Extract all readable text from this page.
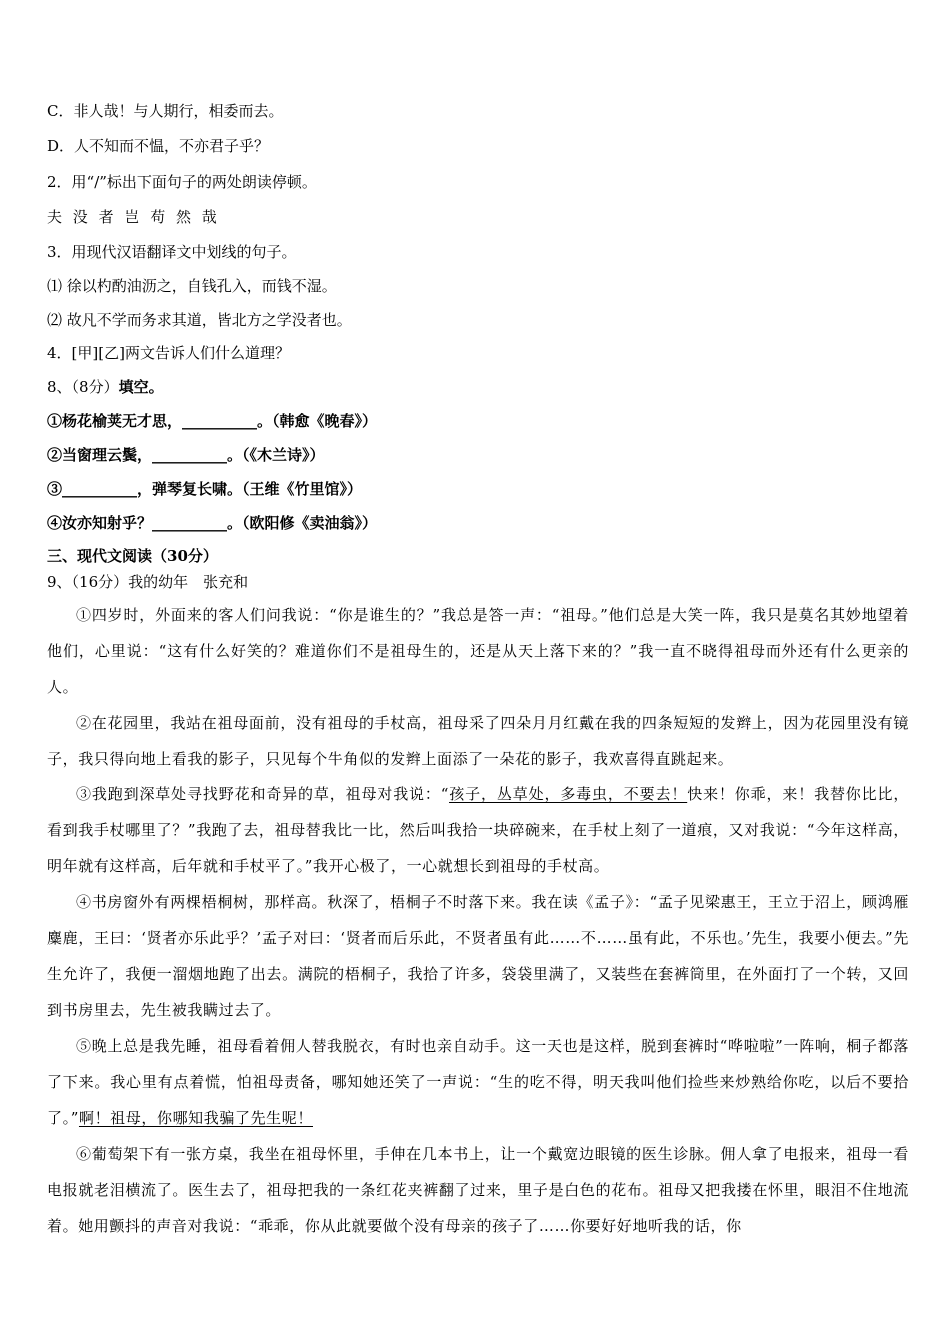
C．非人哉！与人期行，相委而去。
D．人不知而不愠，不亦君子乎？
2．用“/”标出下面句子的两处朗读停顿。
夫 没 者 岂 苟 然 哉
3．用现代汉语翻译文中划线的句子。
⑴ 徐以杓酌油沥之，自钱孔入，而钱不湿。
⑵ 故凡不学而务求其道，皆北方之学没者也。
4．[甲][乙]两文告诉人们什么道理？
8、（8分）填空。
①杨花榆荚无才思，__________。（韩愈《晚春》）
②当窗理云鬓，__________。（《木兰诗》）
③__________，弹琴复长啸。（王维《竹里馆》）
④汝亦知射乎？__________。（欧阳修《卖油翁》）
三、现代文阅读（30分）
9、（16分）我的幼年　张充和
①四岁时，外面来的客人们问我说：“你是谁生的？”我总是答一声：“祖母。”他们总是大笑一阵，我只是莫名其妙地望着他们，心里说：“这有什么好笑的？难道你们不是祖母生的，还是从天上落下来的？”我一直不晓得祖母而外还有什么更亲的人。
②在花园里，我站在祖母面前，没有祖母的手杖高，祖母采了四朵月月红戴在我的四条短短的发辫上，因为花园里没有镜子，我只得向地上看我的影子，只见每个牛角似的发辫上面添了一朵花的影子，我欢喜得直跳起来。
③我跑到深草处寻找野花和奇异的草，祖母对我说：“孩子，丛草处，多毒虫，不要去！快来！你乖，来！我替你比比，看到我手杖哪里了？”我跑了去，祖母替我比一比，然后叫我拾一块碎碗来，在手杖上刻了一道痕，又对我说：“今年这样高，明年就有这样高，后年就和手杖平了。”我开心极了，一心就想长到祖母的手杖高。
④书房窗外有两棵梧桐树，那样高。秋深了，梧桐子不时落下来。我在读《孟子》：“孟子见梁惠王，王立于沼上，顾鸿雁麋鹿，王曰：‘贤者亦乐此乎？’孟子对曰：‘贤者而后乐此，不贤者虽有此……不……虽有此，不乐也。’先生，我要小便去。”先生允许了，我便一溜烟地跑了出去。满院的梧桐子，我拾了许多，袋袋里满了，又装些在套裤筒里，在外面打了一个转，又回到书房里去，先生被我瞒过去了。
⑤晚上总是我先睡，祖母看着佣人替我脱衣，有时也亲自动手。这一天也是这样，脱到套裤时“哗啦啦”一阵响，桐子都落了下来。我心里有点着慌，怕祖母责备，哪知她还笑了一声说：“生的吃不得，明天我叫他们捡些来炒熟给你吃，以后不要拾了。”啊！祖母，你哪知我骗了先生呢！
⑥葡萄架下有一张方桌，我坐在祖母怀里，手伸在几本书上，让一个戴宽边眼镜的医生诊脉。佣人拿了电报来，祖母一看电报就老泪横流了。医生去了，祖母把我的一条红花夹裤翻了过来，里子是白色的花布。祖母又把我搂在怀里，眼泪不住地流着。她用颤抖的声音对我说：“乖乖，你从此就要做个没有母亲的孩子了……你要好好地听我的话，你
